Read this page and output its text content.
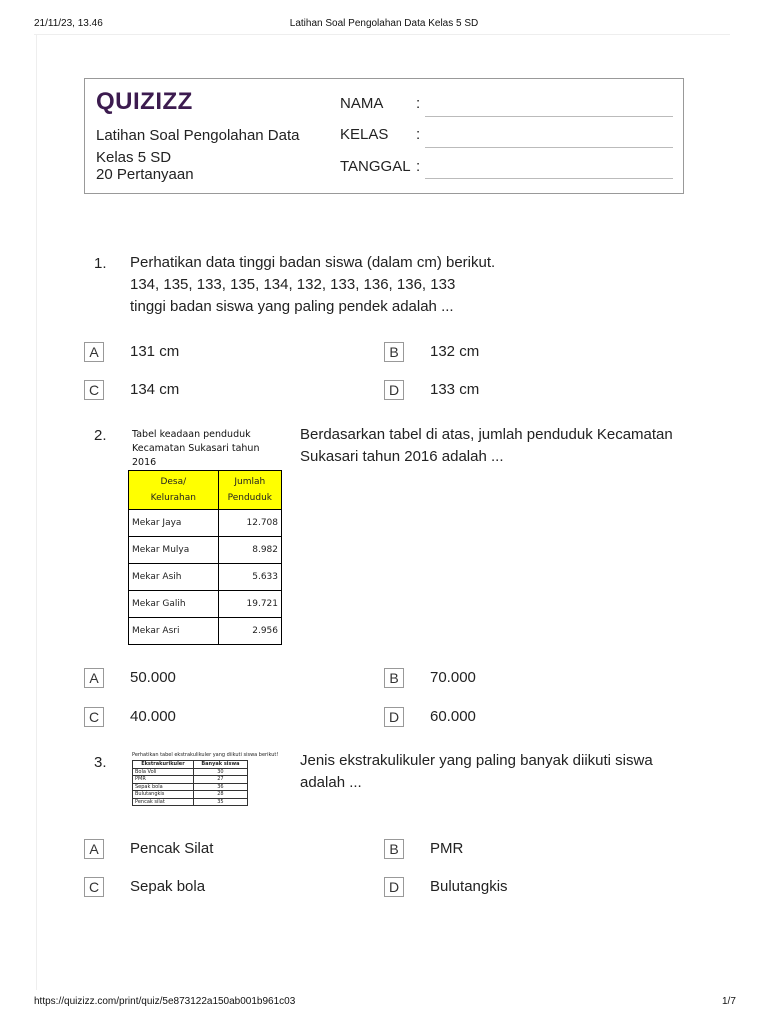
21/11/23, 13.46	Latihan Soal Pengolahan Data Kelas 5 SD
https://quizizz.com/print/quiz/5e873122a150ab001b961c03	1/7
QUIZIZZ
Latihan Soal Pengolahan Data
Kelas 5 SD
20 Pertanyaan
NAMA :
KELAS :
TANGGAL :
1. Perhatikan data tinggi badan siswa (dalam cm) berikut.
134, 135, 133, 135, 134, 132, 133, 136, 136, 133
tinggi badan siswa yang paling pendek adalah ...
A	131 cm	B	132 cm
C	134 cm	D	133 cm
2.	Tabel keadaan penduduk
Kecamatan Sukasari tahun 2016
Desa/
Kelurahan	Jumlah
Penduduk
Mekar Jaya	12.708
Mekar Mulya	8.982
Mekar Asih	5.633
Mekar Galih	19.721
Mekar Asri	2.956
Berdasarkan tabel di atas, jumlah penduduk Kecamatan
Sukasari tahun 2016 adalah ...
A	50.000	B	70.000
C	40.000	D	60.000
3.	Perhatikan tabel ekstrakulikuler yang diikuti siswa berikut!
Ekstrakurikuler	Banyak siswa
Bola Voli	30
PMR	27
Sepak bola	36
Bulutangkis	28
Pencak silat	35
Jenis ekstrakulikuler yang paling banyak diikuti siswa
adalah ...
A	Pencak Silat	B	PMR
C	Sepak bola	D	Bulutangkis
